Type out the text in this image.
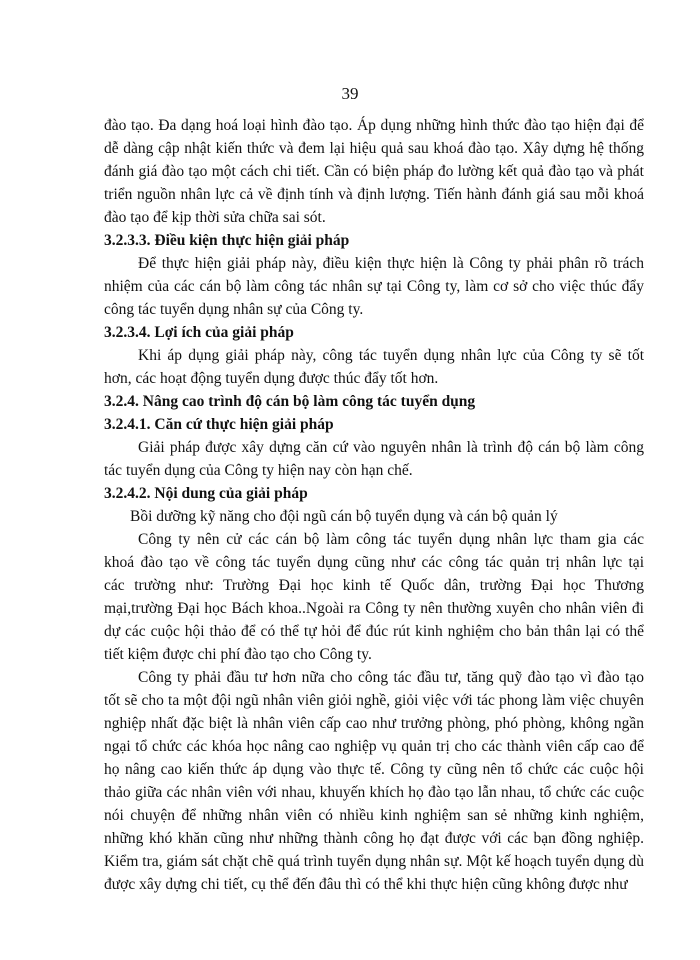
39
đào tạo. Đa dạng hoá loại hình đào tạo. Áp dụng những hình thức đào tạo hiện đại để
dễ dàng cập nhật kiến thức và đem lại hiệu quả sau khoá đào tạo. Xây dựng hệ thống
đánh giá đào tạo một cách chi tiết. Cần có biện pháp đo lường kết quả đào tạo và phát
triển nguồn nhân lực cả về định tính và định lượng. Tiến hành đánh giá sau mỗi khoá
đào tạo để kịp thời sửa chữa sai sót.
3.2.3.3. Điều kiện thực hiện giải pháp
Để thực hiện giải pháp này, điều kiện thực hiện là Công ty phải phân rõ trách
nhiệm của các cán bộ làm công tác nhân sự tại Công ty, làm cơ sở cho việc thúc đẩy
công tác tuyển dụng nhân sự của Công ty.
3.2.3.4. Lợi ích của giải pháp
Khi áp dụng giải pháp này, công tác tuyển dụng nhân lực của Công ty sẽ tốt
hơn, các hoạt động tuyển dụng được thúc đẩy tốt hơn.
3.2.4. Nâng cao trình độ cán bộ làm công tác tuyển dụng
3.2.4.1. Căn cứ thực hiện giải pháp
Giải pháp được xây dựng căn cứ vào nguyên nhân là trình độ cán bộ làm công
tác tuyển dụng của Công ty hiện nay còn hạn chế.
3.2.4.2. Nội dung của giải pháp
Bồi dưỡng kỹ năng cho đội ngũ cán bộ tuyển dụng và cán bộ quản lý
Công ty nên cử các cán bộ làm công tác tuyển dụng nhân lực tham gia các
khoá đào tạo về công tác tuyển dụng cũng như các công tác quản trị nhân lực tại
các trường như: Trường Đại học kinh tế Quốc dân, trường Đại học Thương
mại,trường Đại học Bách khoa..Ngoài ra Công ty nên thường xuyên cho nhân viên đi
dự các cuộc hội thảo để có thể tự hỏi để đúc rút kinh nghiệm cho bản thân lại có thể
tiết kiệm được chi phí đào tạo cho Công ty.
Công ty phải đầu tư hơn nữa cho công tác đầu tư, tăng quỹ đào tạo vì đào tạo
tốt sẽ cho ta một đội ngũ nhân viên giỏi nghề, giỏi việc với tác phong làm việc chuyên
nghiệp nhất đặc biệt là nhân viên cấp cao như trưởng phòng, phó phòng, không ngần
ngại tổ chức các khóa học nâng cao nghiệp vụ quản trị cho các thành viên cấp cao để
họ nâng cao kiến thức áp dụng vào thực tế. Công ty cũng nên tổ chức các cuộc hội
thảo giữa các nhân viên với nhau, khuyến khích họ đào tạo lẫn nhau, tổ chức các cuộc
nói chuyện để những nhân viên có nhiều kinh nghiệm san sẻ những kinh nghiệm,
những khó khăn cũng như những thành công họ đạt được với các bạn đồng nghiệp.
Kiểm tra, giám sát chặt chẽ quá trình tuyển dụng nhân sự. Một kế hoạch tuyển dụng dù
được xây dựng chi tiết, cụ thể đến đâu thì có thể khi thực hiện cũng không được như
